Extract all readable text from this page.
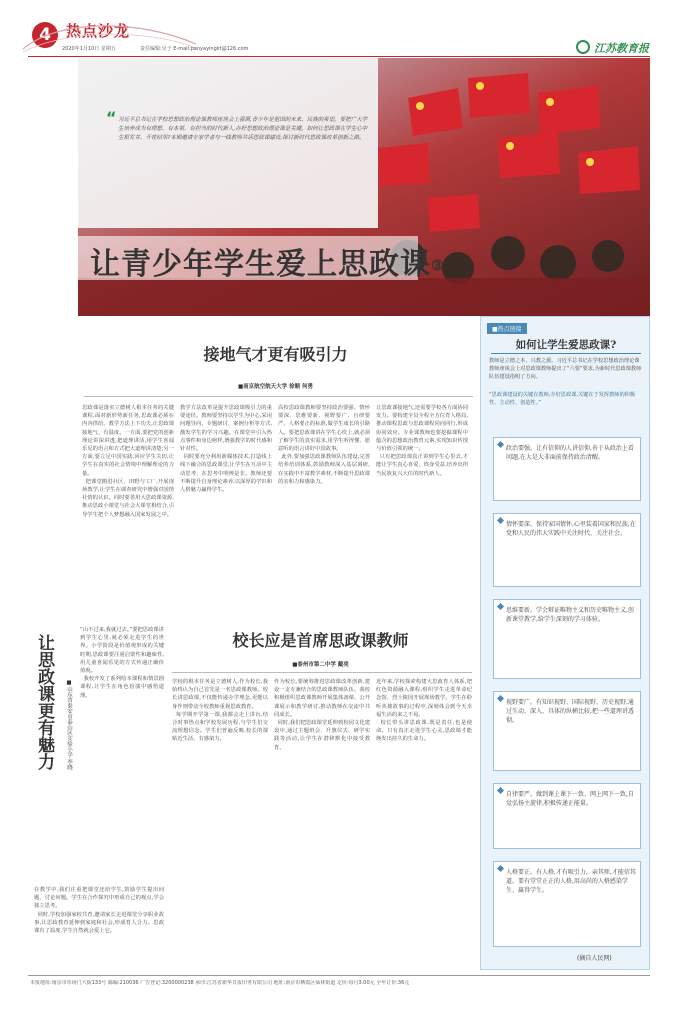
4	热点沙龙
2020年1月10日 星期五	责任编辑:吴子 E-mail:panyayingkt@126.com	江苏教育报
“ 习近平总书记在学校思想政治理论课教师座谈会上强调,青少年是祖国的未来、民族的希望。要把广大学生培养成为有理想、有本领、有担当的时代新人,办好思想政治理论课是关键。如何让思政课在学生心中生根发芽、开花结果?本期邀请专家学者与一线教师共话思政课建设,探讨新时代思政课改革创新之路。
让青少年学生爱上思政课③
接地气才更有吸引力
■南京航空航天大学 徐顺 何勇
思政课是落实立德树人根本任务的关键课程,面对新形势新任务,思政课必须在内容供给、教学方法上下功夫,让思政课接地气、有温度。一方面,要把党的创新理论讲深讲透,把道理讲活,用学生喜闻乐见的语言和方式把大道理讲清楚;另一方面,要立足中国实践,回应学生关切,让学生在真实的社会情境中理解理论的力量。
把课堂搬进社区、田野与工厂,开展现场教学,让学生在调查研究中增强对国情社情的认识。同时要善用大思政课资源,推动思政小课堂与社会大课堂相结合,引导学生把个人梦想融入国家发展之中。
教学方法改革是提升思政课吸引力的重要途径。教师要坚持以学生为中心,采用问题导向、专题研讨、案例分析等方式,激发学生的学习兴趣。在课堂中引入热点事件和身边榜样,增强教学的时代感和针对性。
同时要充分利用新媒体技术,打造线上线下融合的思政课堂,让学生在互动中主动思考、在思考中明辨是非。教师还要不断提升自身理论素养,以深厚的学识和人格魅力赢得学生。
高校思政课教师要坚持政治要强、情怀要深、思维要新、视野要广、自律要严、人格要正的标准,做学生成长的引路人。要把思政课讲在学生心坎上,就必须了解学生的真实需求,用学生听得懂、愿意听的语言讲好中国故事。
此外,要加强思政课教师队伍建设,完善培养培训体系,鼓励教师深入基层调研,在实践中丰富教学素材,不断提升思政课的亲和力和感染力。
让思政课接地气,还需要学校各方面协同发力。要构建全员全程全方位育人格局,推动课程思政与思政课程同向同行,形成协同效应。专业课教师也要挖掘课程中蕴含的思想政治教育元素,实现知识传授与价值引领的统一。
只有把思政课真正讲到学生心里去,才能让学生真心喜爱、终身受益,培养出担当民族复兴大任的时代新人。
让思政课更有魅力	■山东省泰安市泰山区实验小学 李晓
“山不过来,我就过去。”要把思政课讲到学生心里,就必须走进学生的世界。小学阶段是价值观形成的关键时期,思政课要注重启蒙性和趣味性,用儿童喜闻乐见的方式传递正确价值观。
我校开发了系列绘本课程和情景剧课程,让学生在角色扮演中感悟道理。
在教学中,我们注重把课堂还给学生,鼓励学生提出问题、讨论问题。学生在合作探究中形成自己的观点,学会独立思考。
同时,学校加强家校共育,邀请家长走进课堂分享职业故事,让思政教育延伸到家庭和社会,形成育人合力。思政课有了温度,学生自然就会爱上它。
校长应是首席思政课教师
■泰州市第二中学 戴亮
学校的根本任务是立德树人,作为校长,我始终认为自己首先是一名思政课教师。校长讲思政课,不仅能传递办学理念,更能以身作则带动全校教师重视思政教育。
每学期开学第一课,我都会走上讲台,结合时事热点和学校发展历程,与学生们交流理想信念。学生们普遍反映,校长的课贴近生活、有感染力。
作为校长,要统筹推进思政课改革创新,建设一支专兼结合的思政课教师队伍。我校积极组织思政课教师开展集体备课、公开课展示和教学研讨,推动教师在交流中共同成长。
同时,我们把思政课堂延伸到校园文化建设中,通过主题班会、升旗仪式、研学实践等活动,让学生在潜移默化中接受教育。
近年来,学校探索构建大思政育人体系,把红色资源融入课程,组织学生走进革命纪念馆、烈士陵园开展现场教学。学生在聆听英雄故事的过程中,深刻体会到今天幸福生活的来之不易。
校长带头讲思政课,既是责任,也是使命。只有真正走进学生心灵,思政课才能焕发出持久的生命力。
■热点链接
如何让学生爱思政课?
教师是立德之本、兴教之源。习近平总书记在学校思想政治理论课教师座谈会上对思政课教师提出了“六要”要求,为新时代思政课教师队伍建设指明了方向。
“思政课建设的关键在教师,办好思政课,关键在于发挥教师的积极性、主动性、创造性。”
政治要强。让有信仰的人讲信仰,善于从政治上看问题,在大是大非面前保持政治清醒。
情怀要深。保持家国情怀,心里装着国家和民族,在党和人民的伟大实践中关注时代、关注社会。
思维要新。学会辩证唯物主义和历史唯物主义,创新课堂教学,给学生深刻的学习体验。
视野要广。有知识视野、国际视野、历史视野,通过生动、深入、具体的纵横比较,把一些道理讲透彻。
自律要严。做到课上课下一致、网上网下一致,自觉弘扬主旋律,积极传递正能量。
人格要正。有人格,才有吸引力。亲其师,才能信其道。要有堂堂正正的人格,用高尚的人格感染学生、赢得学生。
(摘自人民网)
本报地址:南京市草场门大街133号 邮编:210036 广告登记:3200000238 承印:江苏省新华日报印务有限公司 地址:南京市栖霞区仙林街道 定价:每月3.00元 全年订价:36元
